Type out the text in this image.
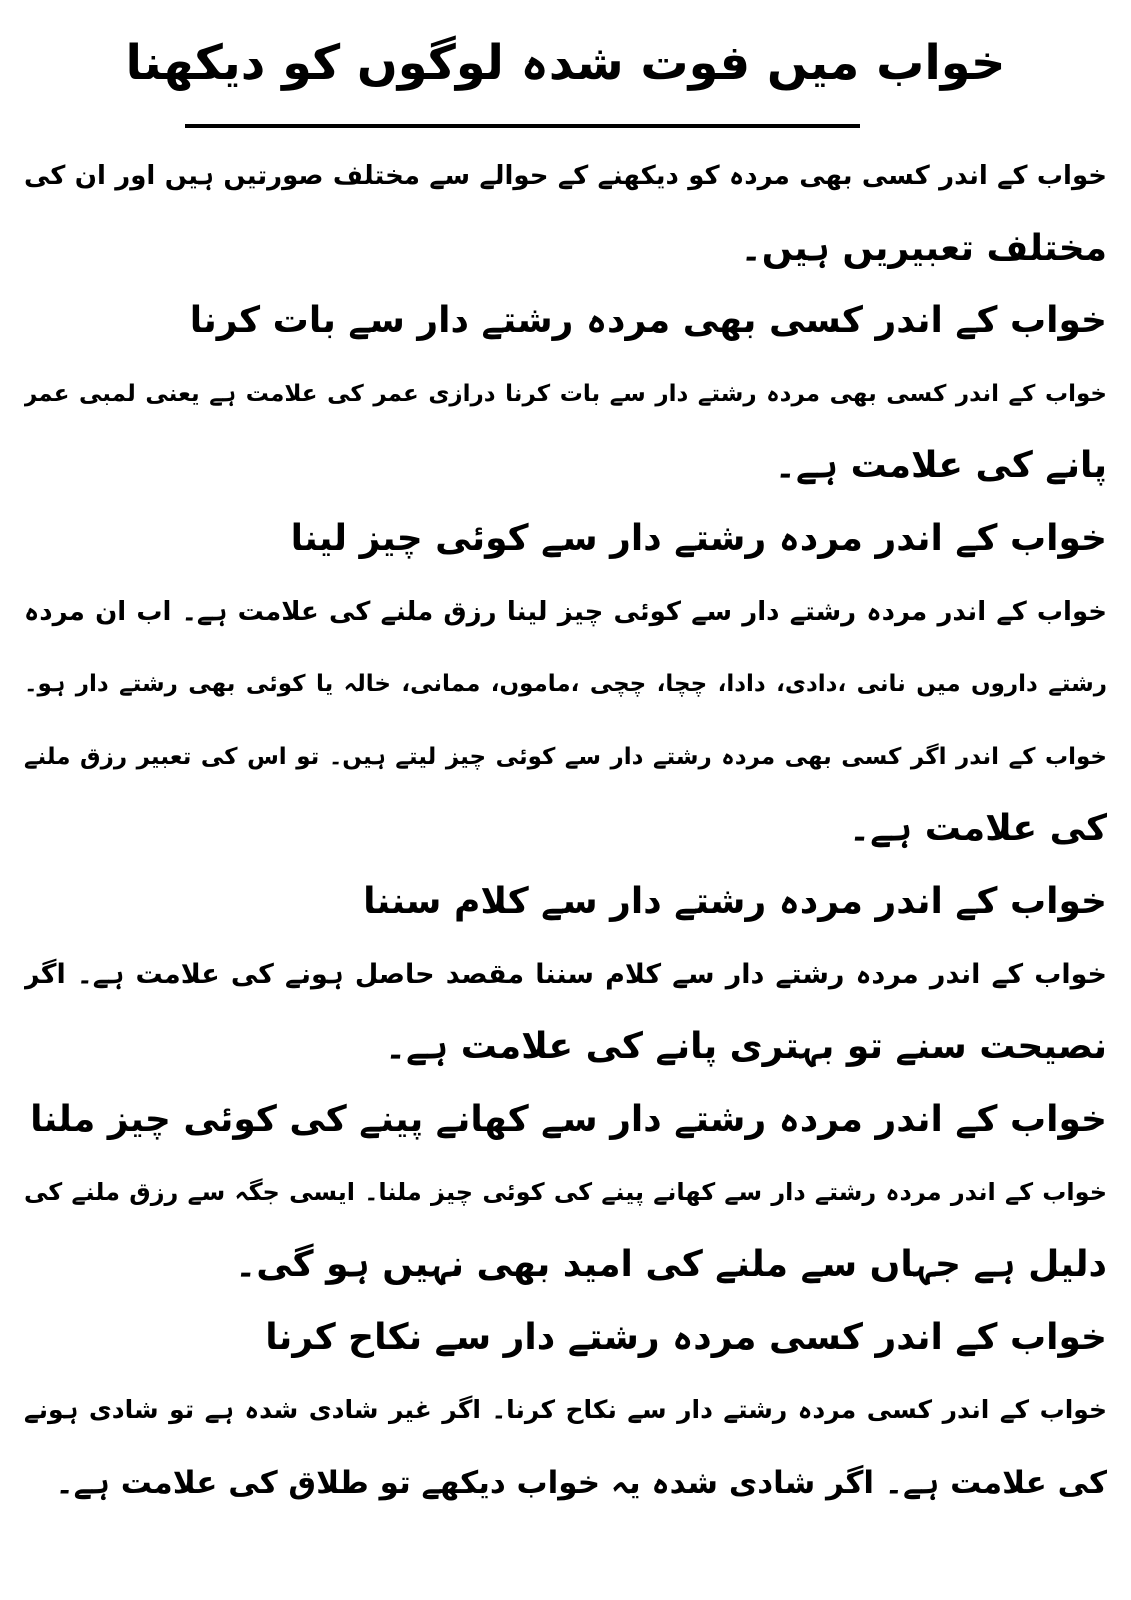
خواب میں فوت شدہ لوگوں کو دیکھنا
خواب کے اندر کسی بھی مردہ کو دیکھنے کے حوالے سے مختلف صورتیں ہیں اور ان کی
مختلف تعبیریں ہیں۔
خواب کے اندر کسی بھی مردہ رشتے دار سے بات کرنا
خواب کے اندر کسی بھی مردہ رشتے دار سے بات کرنا درازی عمر کی علامت ہے یعنی لمبی عمر
پانے کی علامت ہے۔
خواب کے اندر مردہ رشتے دار سے کوئی چیز لینا
خواب کے اندر مردہ رشتے دار سے کوئی چیز لینا رزق ملنے کی علامت ہے۔ اب ان مردہ
رشتے داروں میں نانی ،دادی، دادا، چچا، چچی ،ماموں، ممانی، خالہ یا کوئی بھی رشتے دار ہو۔
خواب کے اندر اگر کسی بھی مردہ رشتے دار سے کوئی چیز لیتے ہیں۔ تو اس کی تعبیر رزق ملنے
کی علامت ہے۔
خواب کے اندر مردہ رشتے دار سے کلام سننا
خواب کے اندر مردہ رشتے دار سے کلام سننا مقصد حاصل ہونے کی علامت ہے۔ اگر
نصیحت سنے تو بہتری پانے کی علامت ہے۔
خواب کے اندر مردہ رشتے دار سے کھانے پینے کی کوئی چیز ملنا
خواب کے اندر مردہ رشتے دار سے کھانے پینے کی کوئی چیز ملنا۔ ایسی جگہ سے رزق ملنے کی
دلیل ہے جہاں سے ملنے کی امید بھی نہیں ہو گی۔
خواب کے اندر کسی مردہ رشتے دار سے نکاح کرنا
خواب کے اندر کسی مردہ رشتے دار سے نکاح کرنا۔ اگر غیر شادی شدہ ہے تو شادی ہونے
کی علامت ہے۔ اگر شادی شدہ یہ خواب دیکھے تو طلاق کی علامت ہے۔
